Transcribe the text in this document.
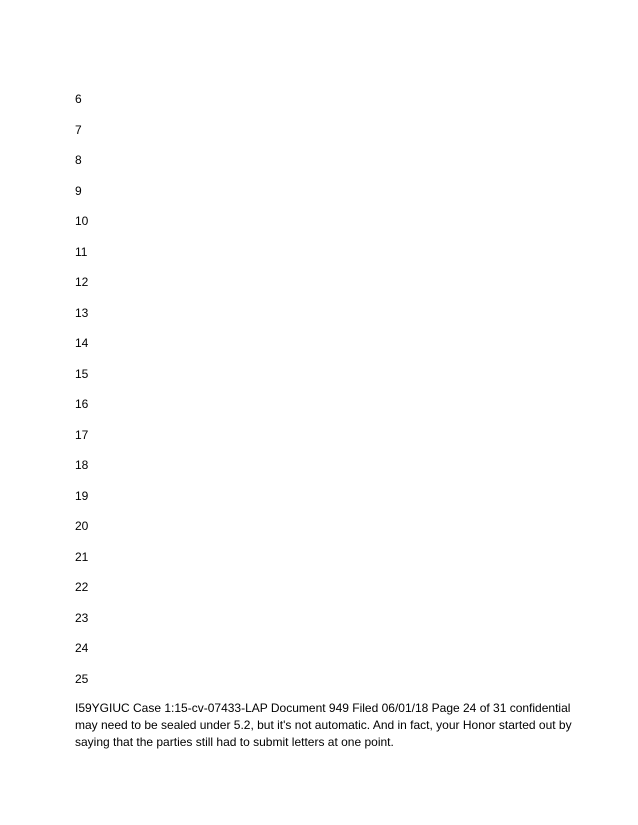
6
7
8
9
10
11
12
13
14
15
16
17
18
19
20
21
22
23
24
25

I59YGIUC Case 1:15-cv-07433-LAP Document 949 Filed 06/01/18 Page 24 of 31 confidential may need to be sealed under 5.2, but it's not automatic. And in fact, your Honor started out by saying that the parties still had to submit letters at one point.
